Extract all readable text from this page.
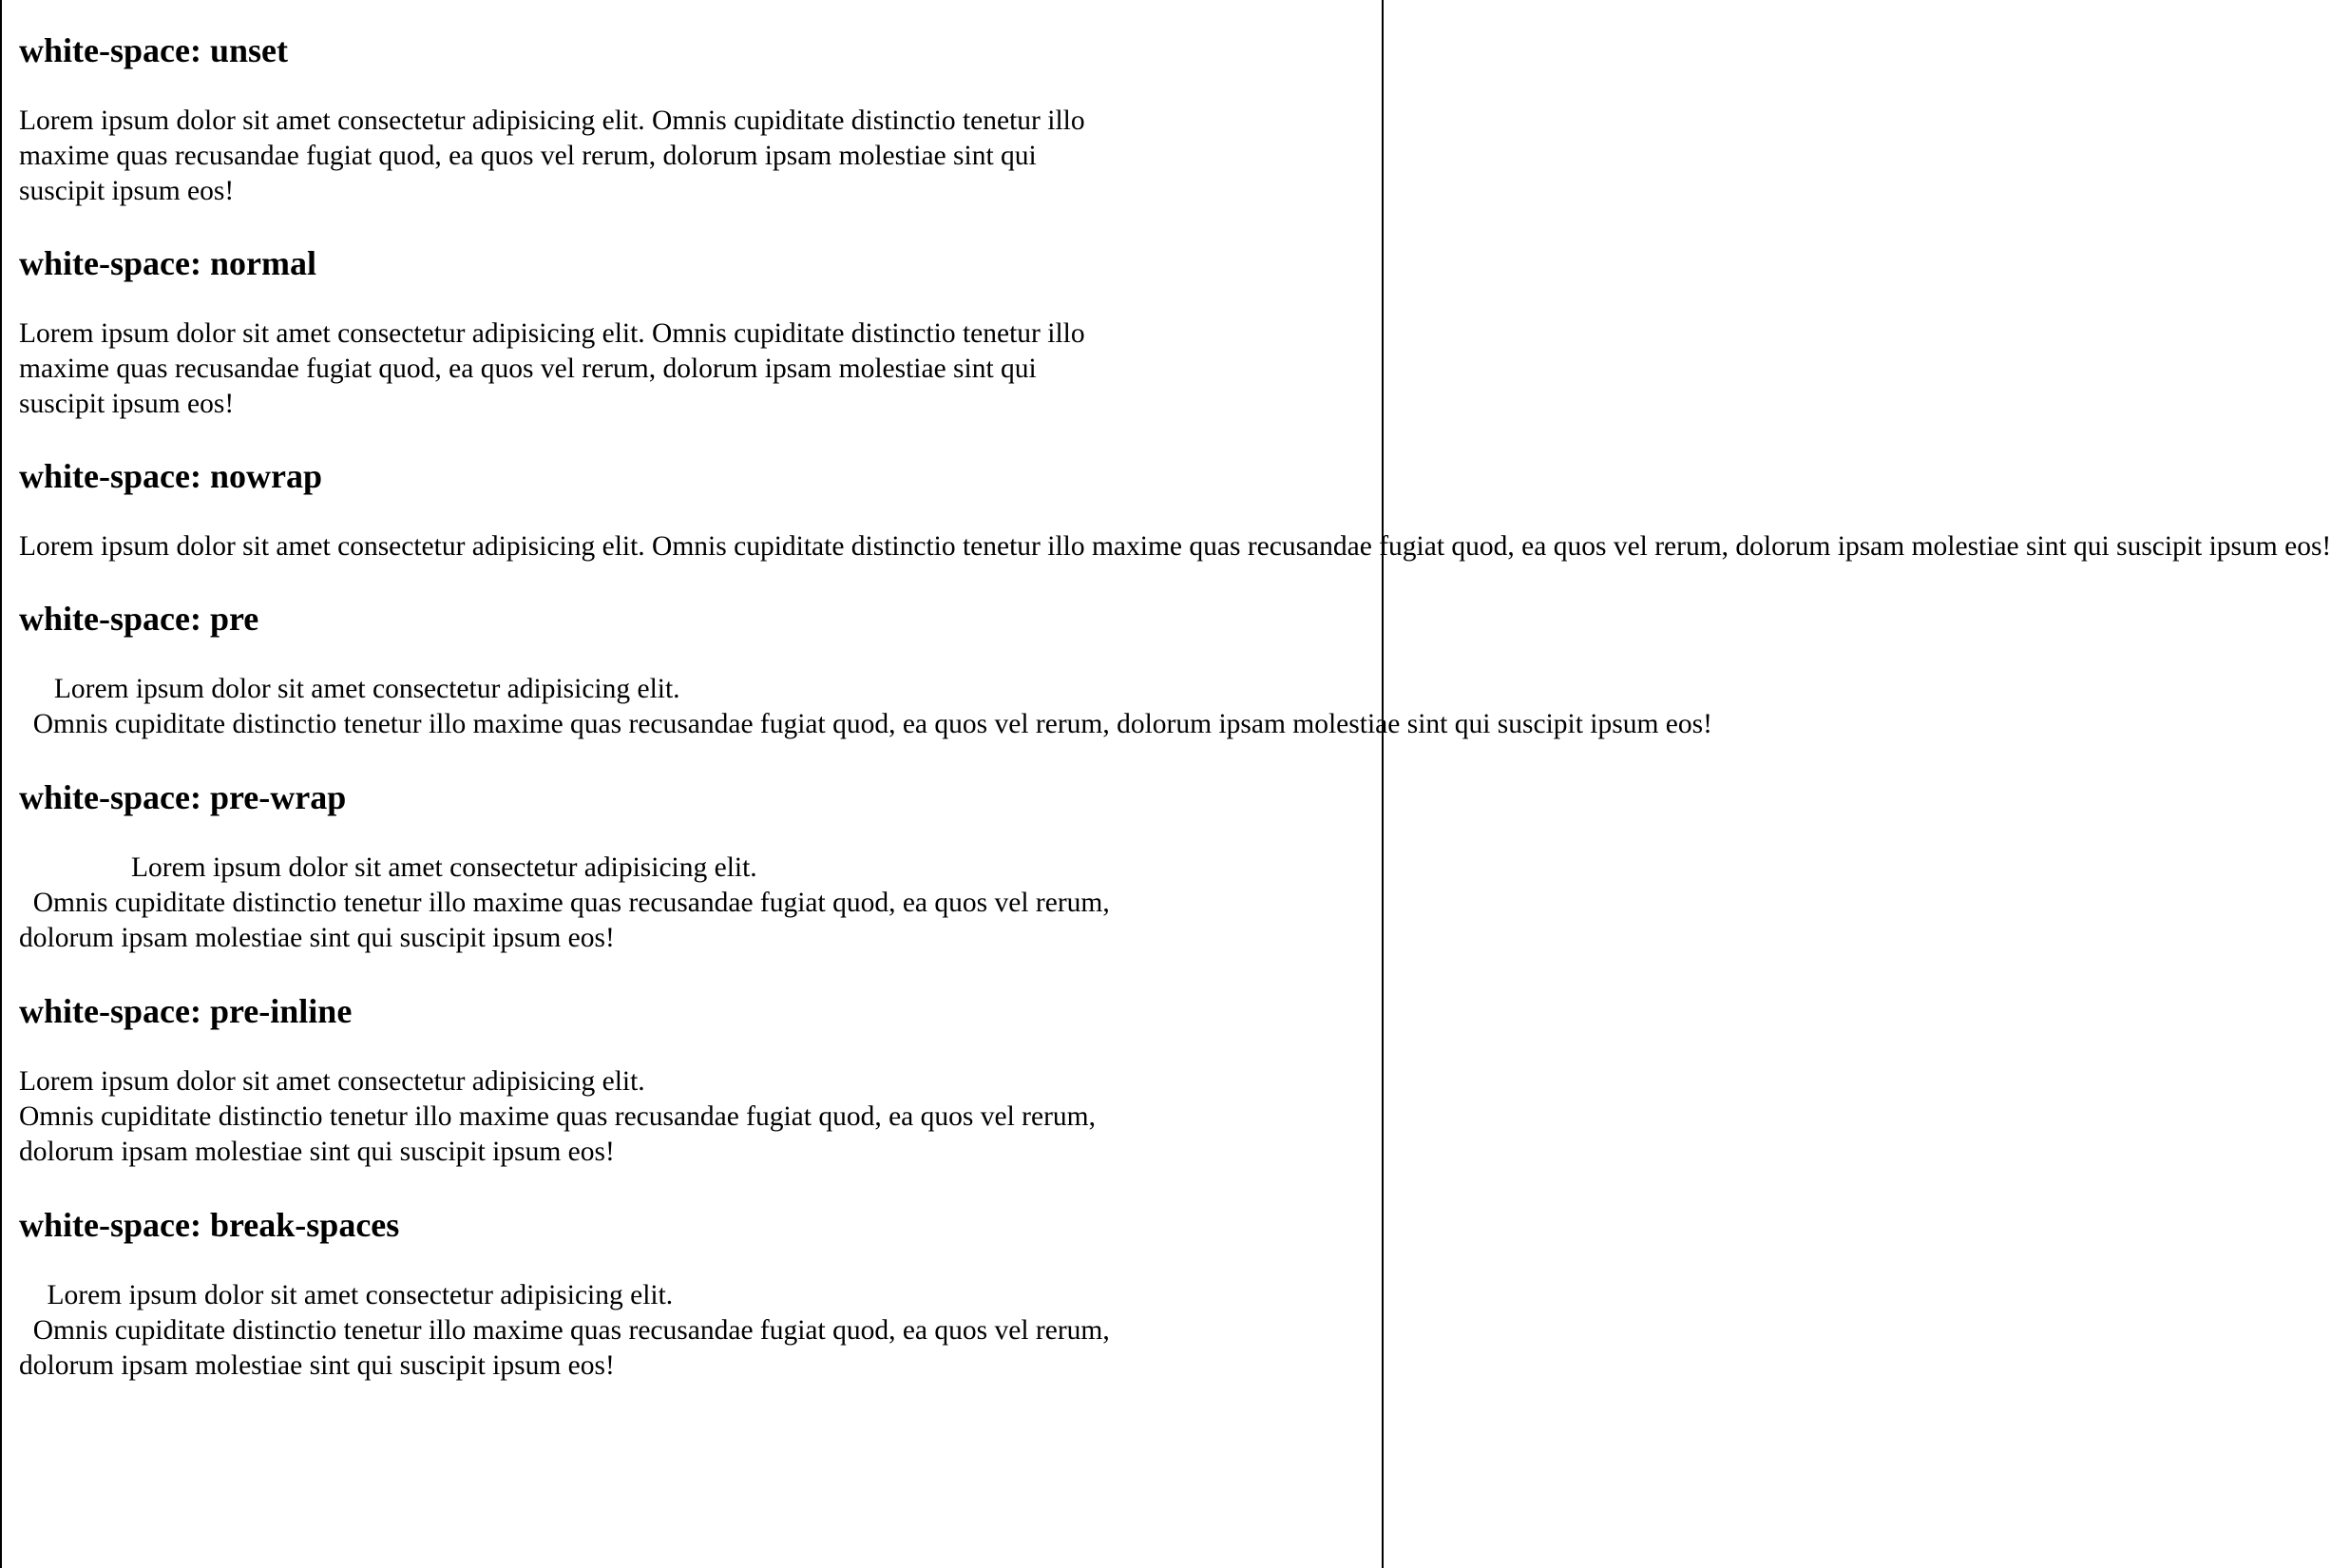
white-space: unset

Lorem ipsum dolor sit amet consectetur adipisicing elit. Omnis cupiditate distinctio tenetur illo maxime quas recusandae fugiat quod, ea quos vel rerum, dolorum ipsam molestiae sint qui suscipit ipsum eos!

white-space: normal

Lorem ipsum dolor sit amet consectetur adipisicing elit. Omnis cupiditate distinctio tenetur illo maxime quas recusandae fugiat quod, ea quos vel rerum, dolorum ipsam molestiae sint qui suscipit ipsum eos!

white-space: nowrap

Lorem ipsum dolor sit amet consectetur adipisicing elit. Omnis cupiditate distinctio tenetur illo maxime quas recusandae fugiat quod, ea quos vel rerum, dolorum ipsam molestiae sint qui suscipit ipsum eos!

white-space: pre

Lorem ipsum dolor sit amet consectetur adipisicing elit.
Omnis cupiditate distinctio tenetur illo maxime quas recusandae fugiat quod, ea quos vel rerum, dolorum ipsam molestiae sint qui suscipit ipsum eos!

white-space: pre-wrap

Lorem ipsum dolor sit amet consectetur adipisicing elit.
Omnis cupiditate distinctio tenetur illo maxime quas recusandae fugiat quod, ea quos vel rerum, dolorum ipsam molestiae sint qui suscipit ipsum eos!

white-space: pre-inline

Lorem ipsum dolor sit amet consectetur adipisicing elit.
Omnis cupiditate distinctio tenetur illo maxime quas recusandae fugiat quod, ea quos vel rerum, dolorum ipsam molestiae sint qui suscipit ipsum eos!

white-space: break-spaces

Lorem ipsum dolor sit amet consectetur adipisicing elit.
Omnis cupiditate distinctio tenetur illo maxime quas recusandae fugiat quod, ea quos vel rerum, dolorum ipsam molestiae sint qui suscipit ipsum eos!
